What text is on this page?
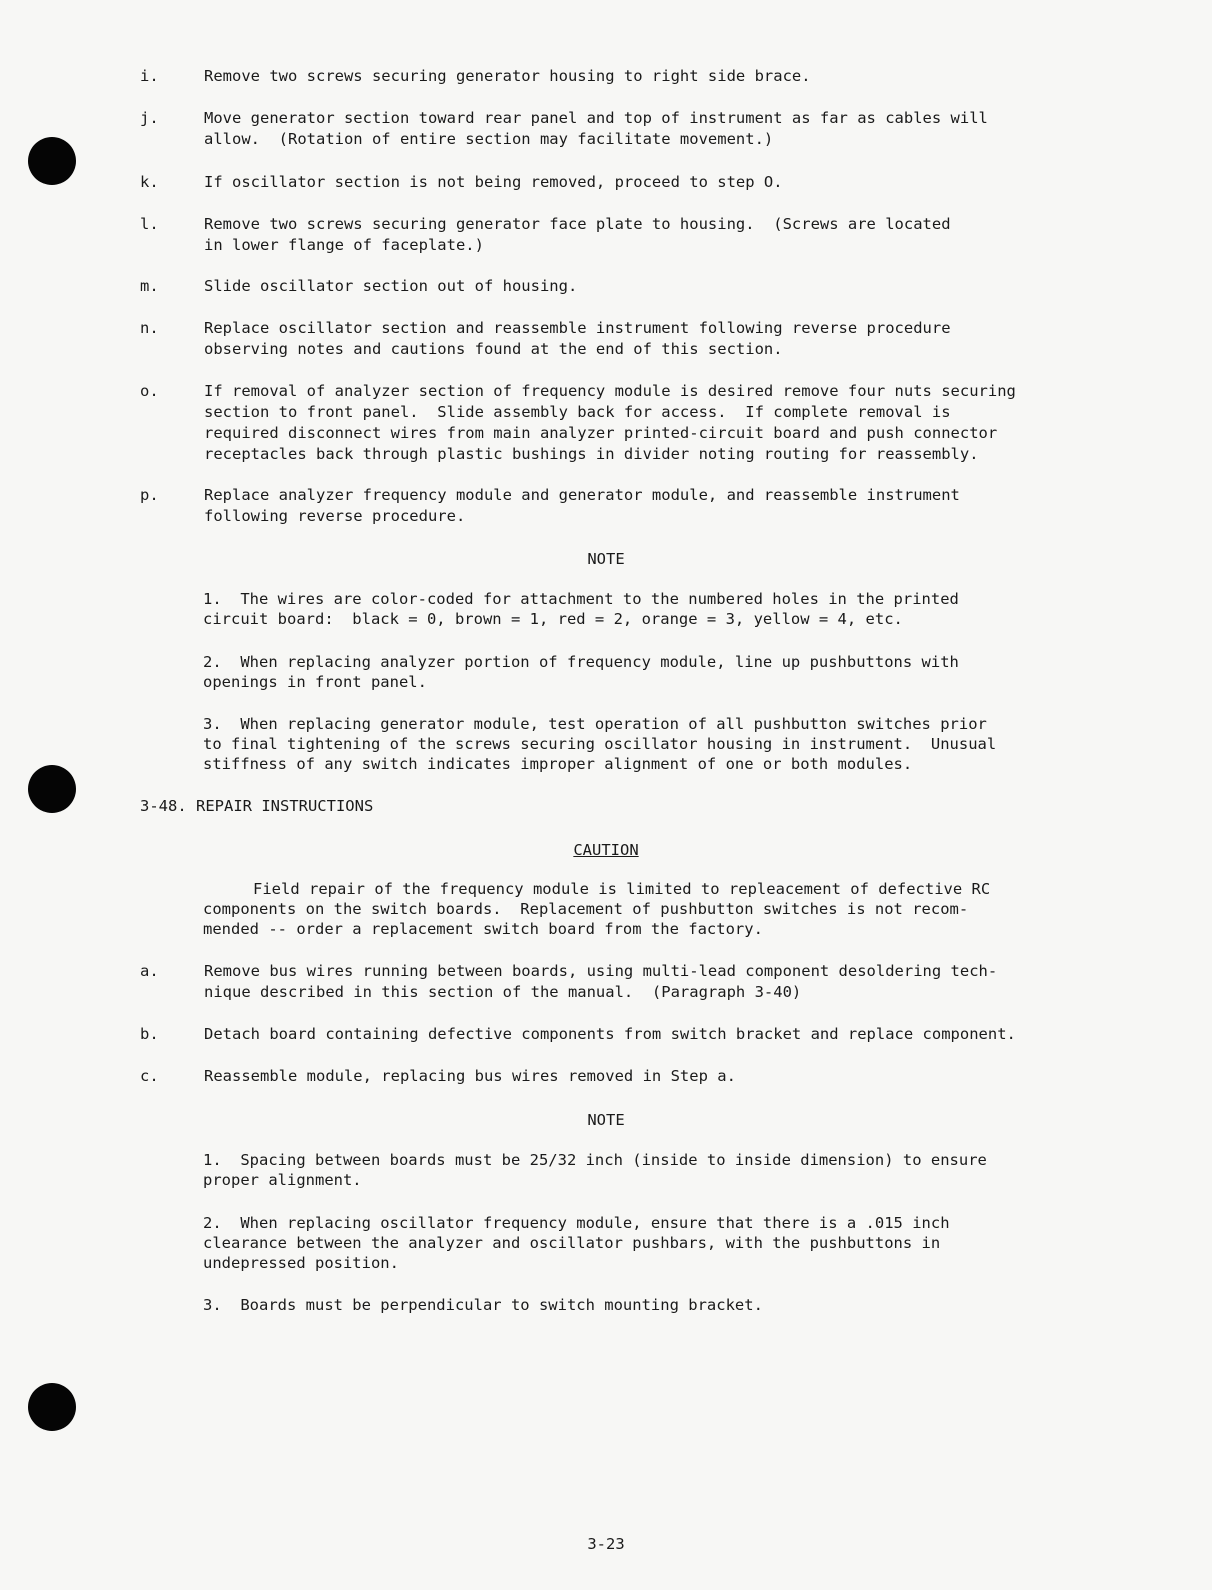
i.	Remove two screws securing generator housing to right side brace.
j.	Move generator section toward rear panel and top of instrument as far as cables will
allow.  (Rotation of entire section may facilitate movement.)
k.	If oscillator section is not being removed, proceed to step O.
l.	Remove two screws securing generator face plate to housing.  (Screws are located
in lower flange of faceplate.)
m.	Slide oscillator section out of housing.
n.	Replace oscillator section and reassemble instrument following reverse procedure
observing notes and cautions found at the end of this section.
o.	If removal of analyzer section of frequency module is desired remove four nuts securing
section to front panel.  Slide assembly back for access.  If complete removal is
required disconnect wires from main analyzer printed-circuit board and push connector
receptacles back through plastic bushings in divider noting routing for reassembly.
p.	Replace analyzer frequency module and generator module, and reassemble instrument
following reverse procedure.
NOTE
1.  The wires are color-coded for attachment to the numbered holes in the printed
circuit board:  black = 0, brown = 1, red = 2, orange = 3, yellow = 4, etc.
2.  When replacing analyzer portion of frequency module, line up pushbuttons with
openings in front panel.
3.  When replacing generator module, test operation of all pushbutton switches prior
to final tightening of the screws securing oscillator housing in instrument.  Unusual
stiffness of any switch indicates improper alignment of one or both modules.
3-48. REPAIR INSTRUCTIONS
CAUTION
Field repair of the frequency module is limited to repleacement of defective RC
components on the switch boards.  Replacement of pushbutton switches is not recom-
mended -- order a replacement switch board from the factory.
a.	Remove bus wires running between boards, using multi-lead component desoldering tech-
nique described in this section of the manual.  (Paragraph 3-40)
b.	Detach board containing defective components from switch bracket and replace component.
c.	Reassemble module, replacing bus wires removed in Step a.
NOTE
1.  Spacing between boards must be 25/32 inch (inside to inside dimension) to ensure
proper alignment.
2.  When replacing oscillator frequency module, ensure that there is a .015 inch
clearance between the analyzer and oscillator pushbars, with the pushbuttons in
undepressed position.
3.  Boards must be perpendicular to switch mounting bracket.
3-23
